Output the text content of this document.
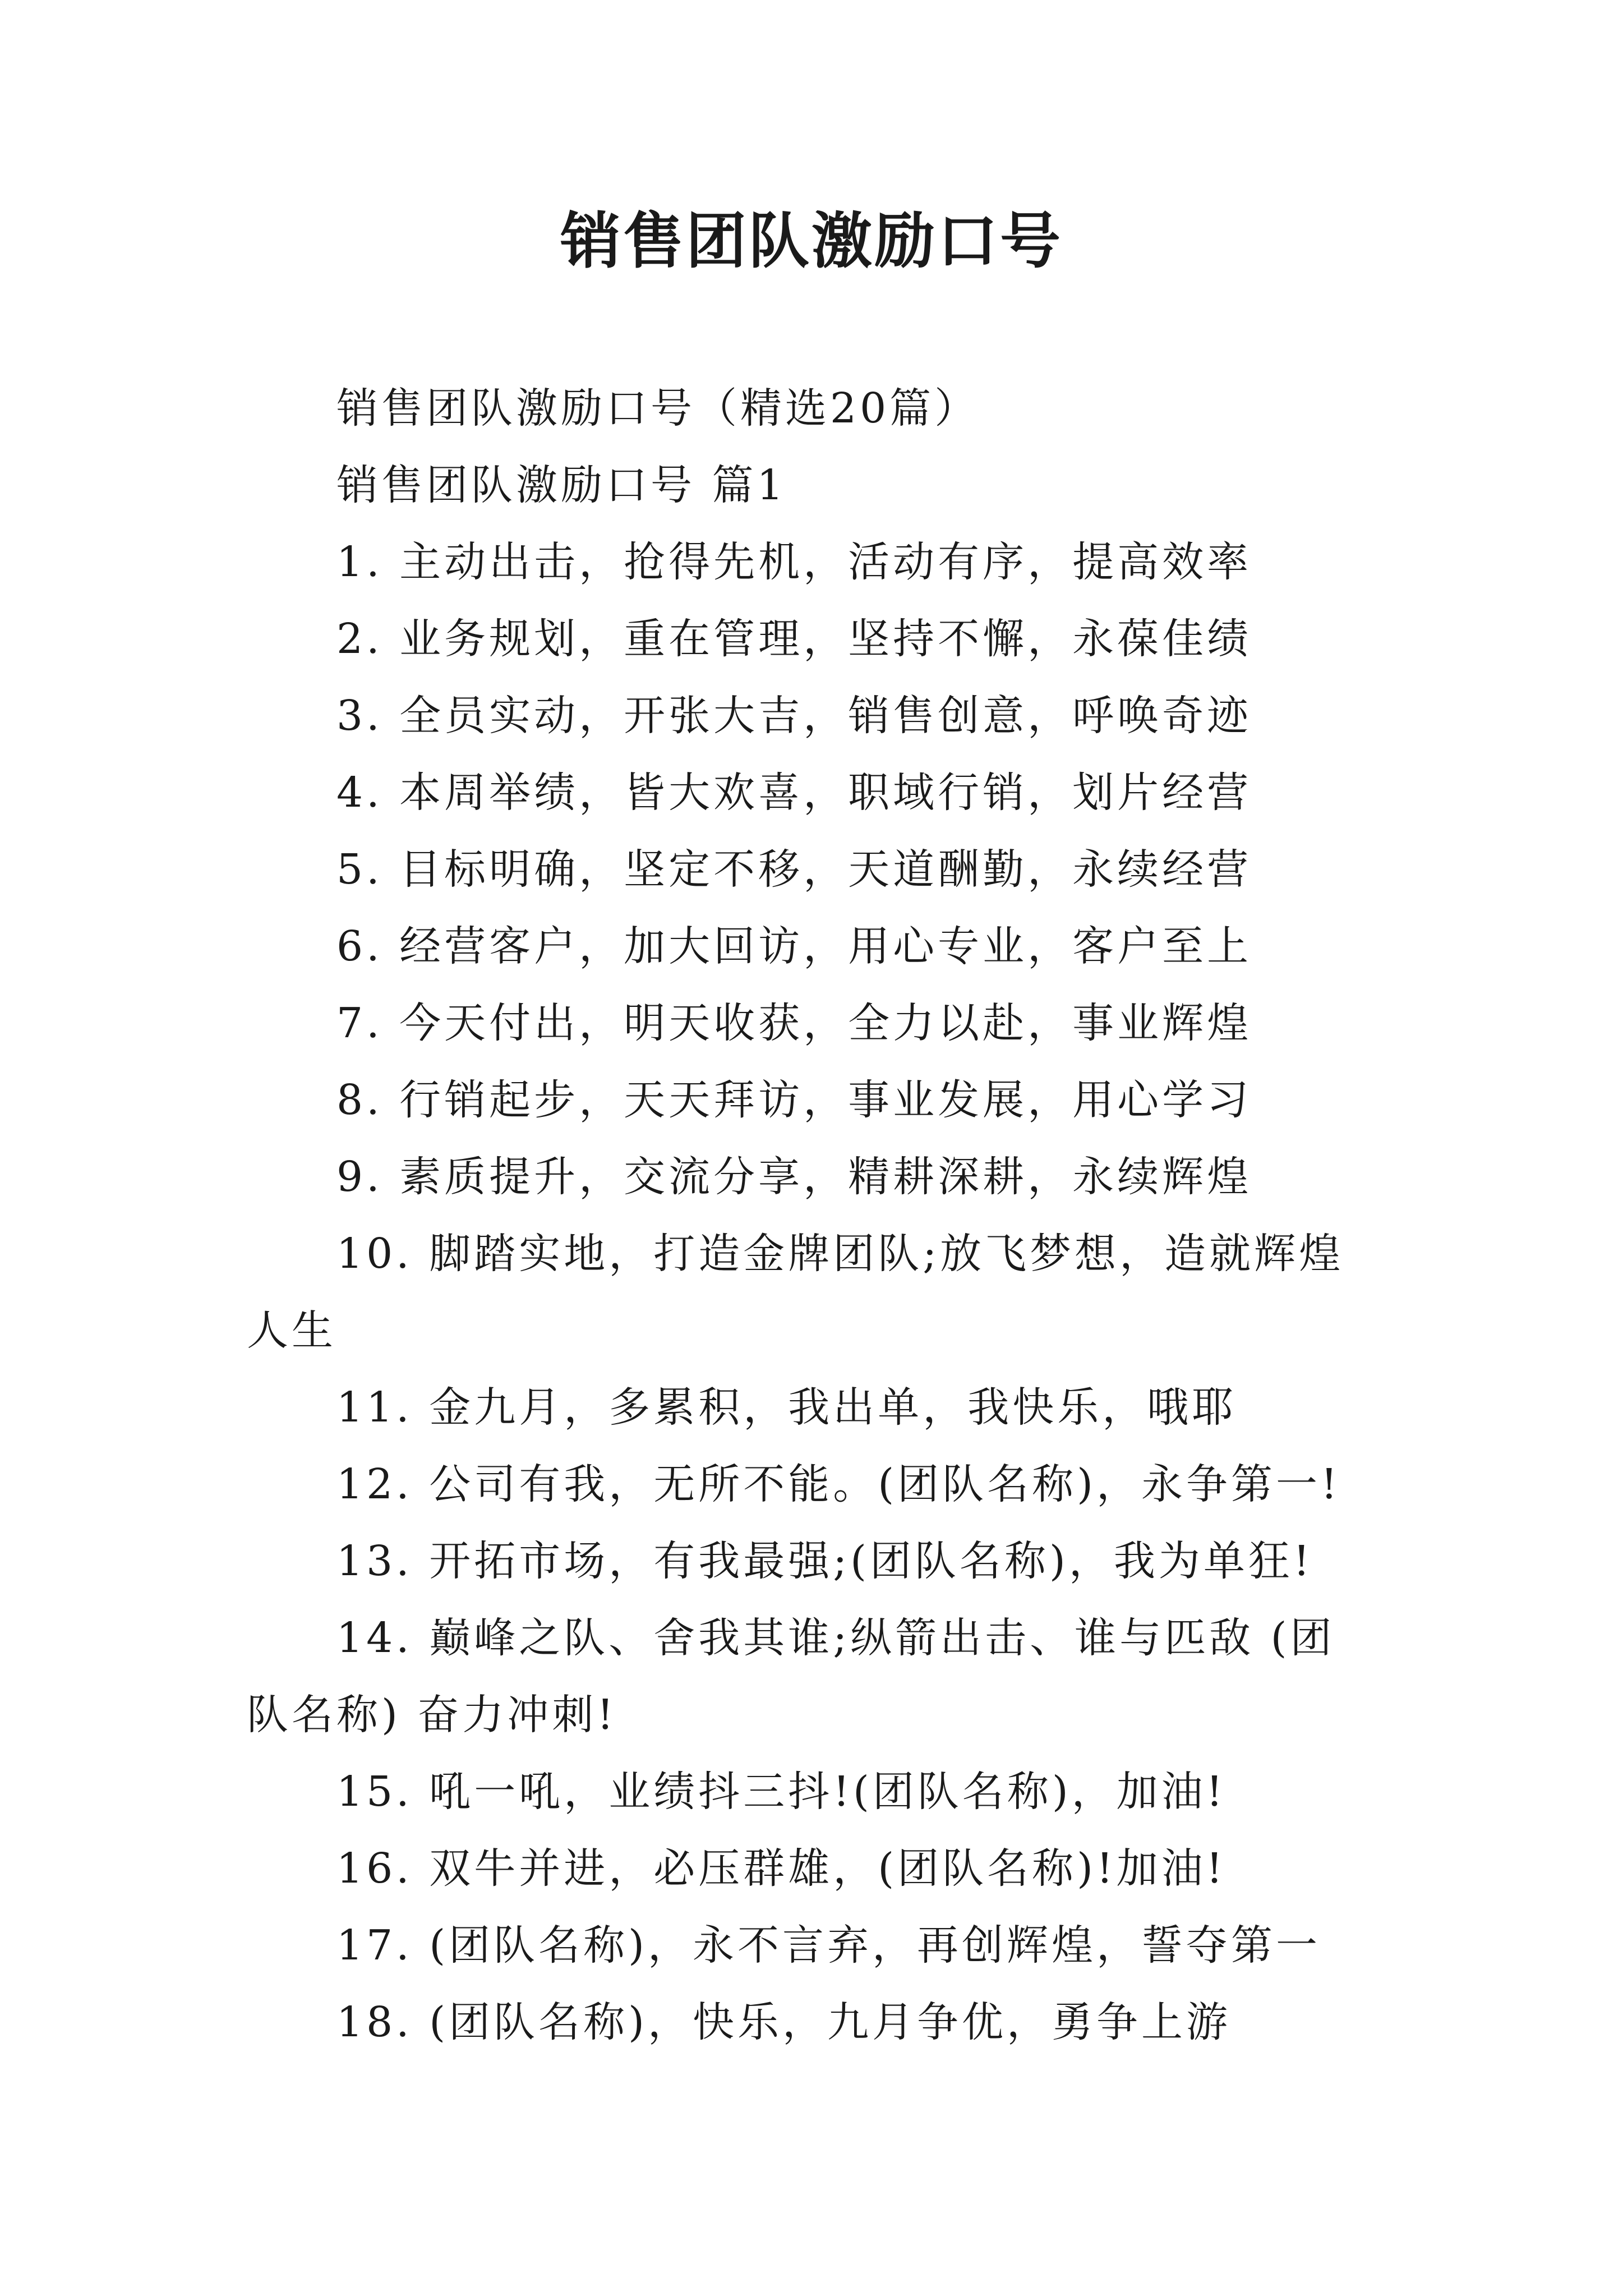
销售团队激励口号

销售团队激励口号（精选20篇）

销售团队激励口号 篇1

1. 主动出击，抢得先机，活动有序，提高效率

2. 业务规划，重在管理，坚持不懈，永葆佳绩

3. 全员实动，开张大吉，销售创意，呼唤奇迹

4. 本周举绩，皆大欢喜，职域行销，划片经营

5. 目标明确，坚定不移，天道酬勤，永续经营

6. 经营客户，加大回访，用心专业，客户至上

7. 今天付出，明天收获，全力以赴，事业辉煌

8. 行销起步，天天拜访，事业发展，用心学习

9. 素质提升，交流分享，精耕深耕，永续辉煌

10. 脚踏实地，打造金牌团队;放飞梦想，造就辉煌人生

11. 金九月，多累积，我出单，我快乐，哦耶

12. 公司有我，无所不能。(团队名称)，永争第一!

13. 开拓市场，有我最强;(团队名称)，我为单狂!

14. 巅峰之队、舍我其谁;纵箭出击、谁与匹敌 (团队名称) 奋力冲刺!

15. 吼一吼，业绩抖三抖!(团队名称)，加油!

16. 双牛并进，必压群雄，(团队名称)!加油!

17. (团队名称)，永不言弃，再创辉煌，誓夺第一

18. (团队名称)，快乐，九月争优，勇争上游
